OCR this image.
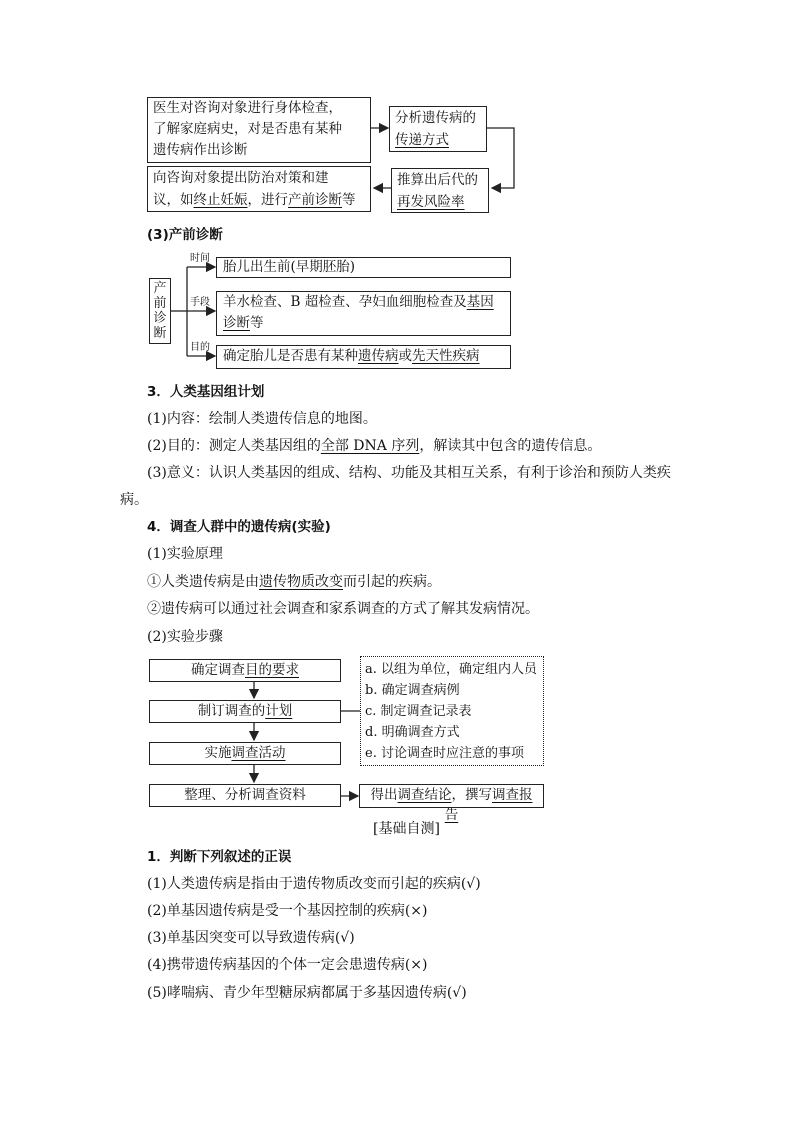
医生对咨询对象进行身体检查，
了解家庭病史，对是否患有某种
遗传病作出诊断
分析遗传病的
传递方式
推算出后代的
再发风险率
向咨询对象提出防治对策和建
议，如终止妊娠，进行产前诊断等
(3)产前诊断
产前诊断
时间
手段
目的
胎儿出生前(早期胚胎)
羊水检查、B 超检查、孕妇血细胞检查及基因
诊断等
确定胎儿是否患有某种遗传病或先天性疾病
3．人类基因组计划
(1)内容：绘制人类遗传信息的地图。
(2)目的：测定人类基因组的全部 DNA 序列，解读其中包含的遗传信息。
(3)意义：认识人类基因的组成、结构、功能及其相互关系，有利于诊治和预防人类疾
病。
4．调查人群中的遗传病(实验)
(1)实验原理
①人类遗传病是由遗传物质改变而引起的疾病。
②遗传病可以通过社会调查和家系调查的方式了解其发病情况。
(2)实验步骤
确定调查目的要求
制订调查的计划
实施调查活动
整理、分析调查资料
a. 以组为单位，确定组内人员
b. 确定调查病例
c. 制定调查记录表
d. 明确调查方式
e. 讨论调查时应注意的事项
得出调查结论，撰写调查报告
[基础自测]
1．判断下列叙述的正误
(1)人类遗传病是指由于遗传物质改变而引起的疾病(√)
(2)单基因遗传病是受一个基因控制的疾病(×)
(3)单基因突变可以导致遗传病(√)
(4)携带遗传病基因的个体一定会患遗传病(×)
(5)哮喘病、青少年型糖尿病都属于多基因遗传病(√)
